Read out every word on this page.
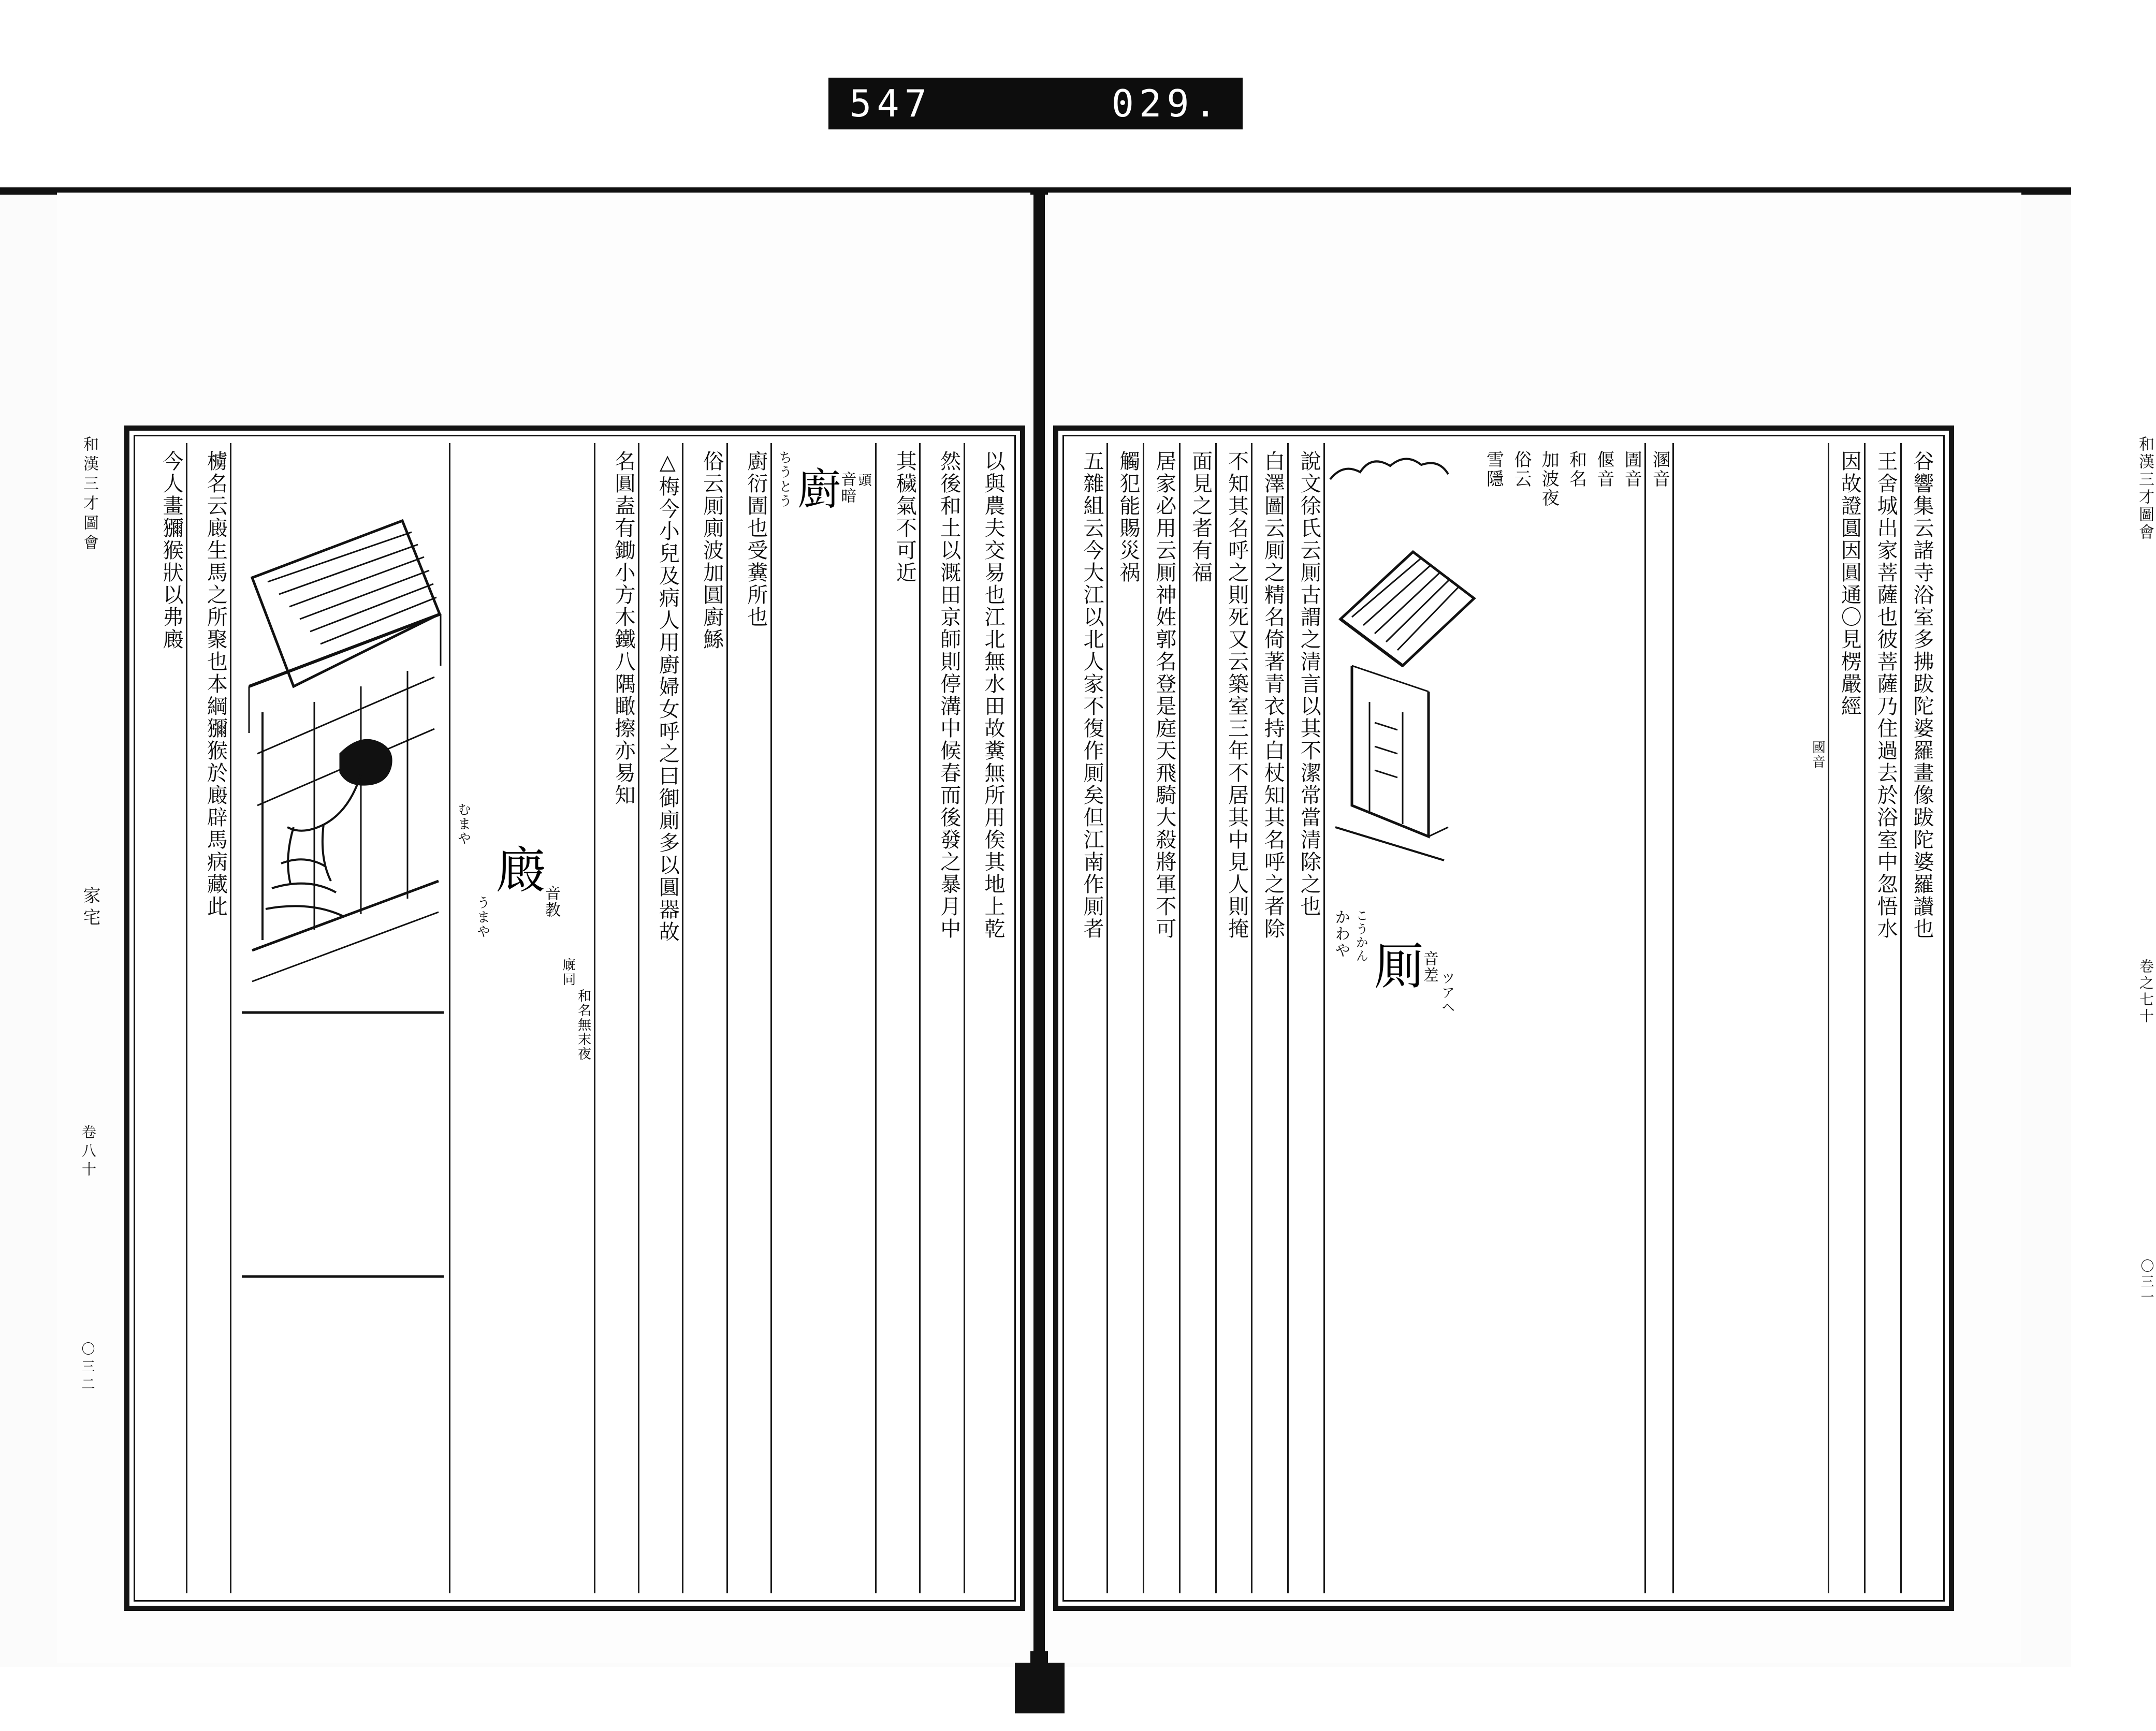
547	029.
和漢三才圖會
卷之七十
〇三一
谷響集云諸寺浴室多拂跋陀婆羅畫像跋陀婆羅讃也
王舍城出家菩薩也彼菩薩乃住過去於浴室中忽悟水
因故證圓因圓通〇見楞嚴經
國音
溷音
圊音
偃音
和名
加波夜
俗云
雪隱
かわや こうかん
厠
音差
ツアヘ
說文徐氏云厠古謂之清言以其不潔常當清除之也
白澤圖云厠之精名倚著青衣持白杖知其名呼之者除
不知其名呼之則死又云築室三年不居其中見人則掩
面見之者有福
居家必用云厠神姓郭名登是庭天飛騎大殺將軍不可
觸犯能賜災祸
五雜組云今大江以北人家不復作厠矣但江南作厠者
和漢三才圖會
家宅
卷八十
〇三二
以與農夫交易也江北無水田故糞無所用俟其地上乾
然後和土以溉田京師則停溝中候春而後發之暴月中
其穢氣不可近
ちうとう
廚
音暗 頭
廚衍圊也受糞所也
俗云厠廁波加圓廚鯀
△梅今小兒及病人用廚婦女呼之曰御廁多以圓器故
名圓盍有鋤小方木鐵八隅瞰擦亦易知
むまや
うまや
廄
音教
廐同
和名無末夜
㯭名云廄生馬之所聚也本綱獼猴於廄辟馬病藏此
今人畫獼猴狀以弗廄
